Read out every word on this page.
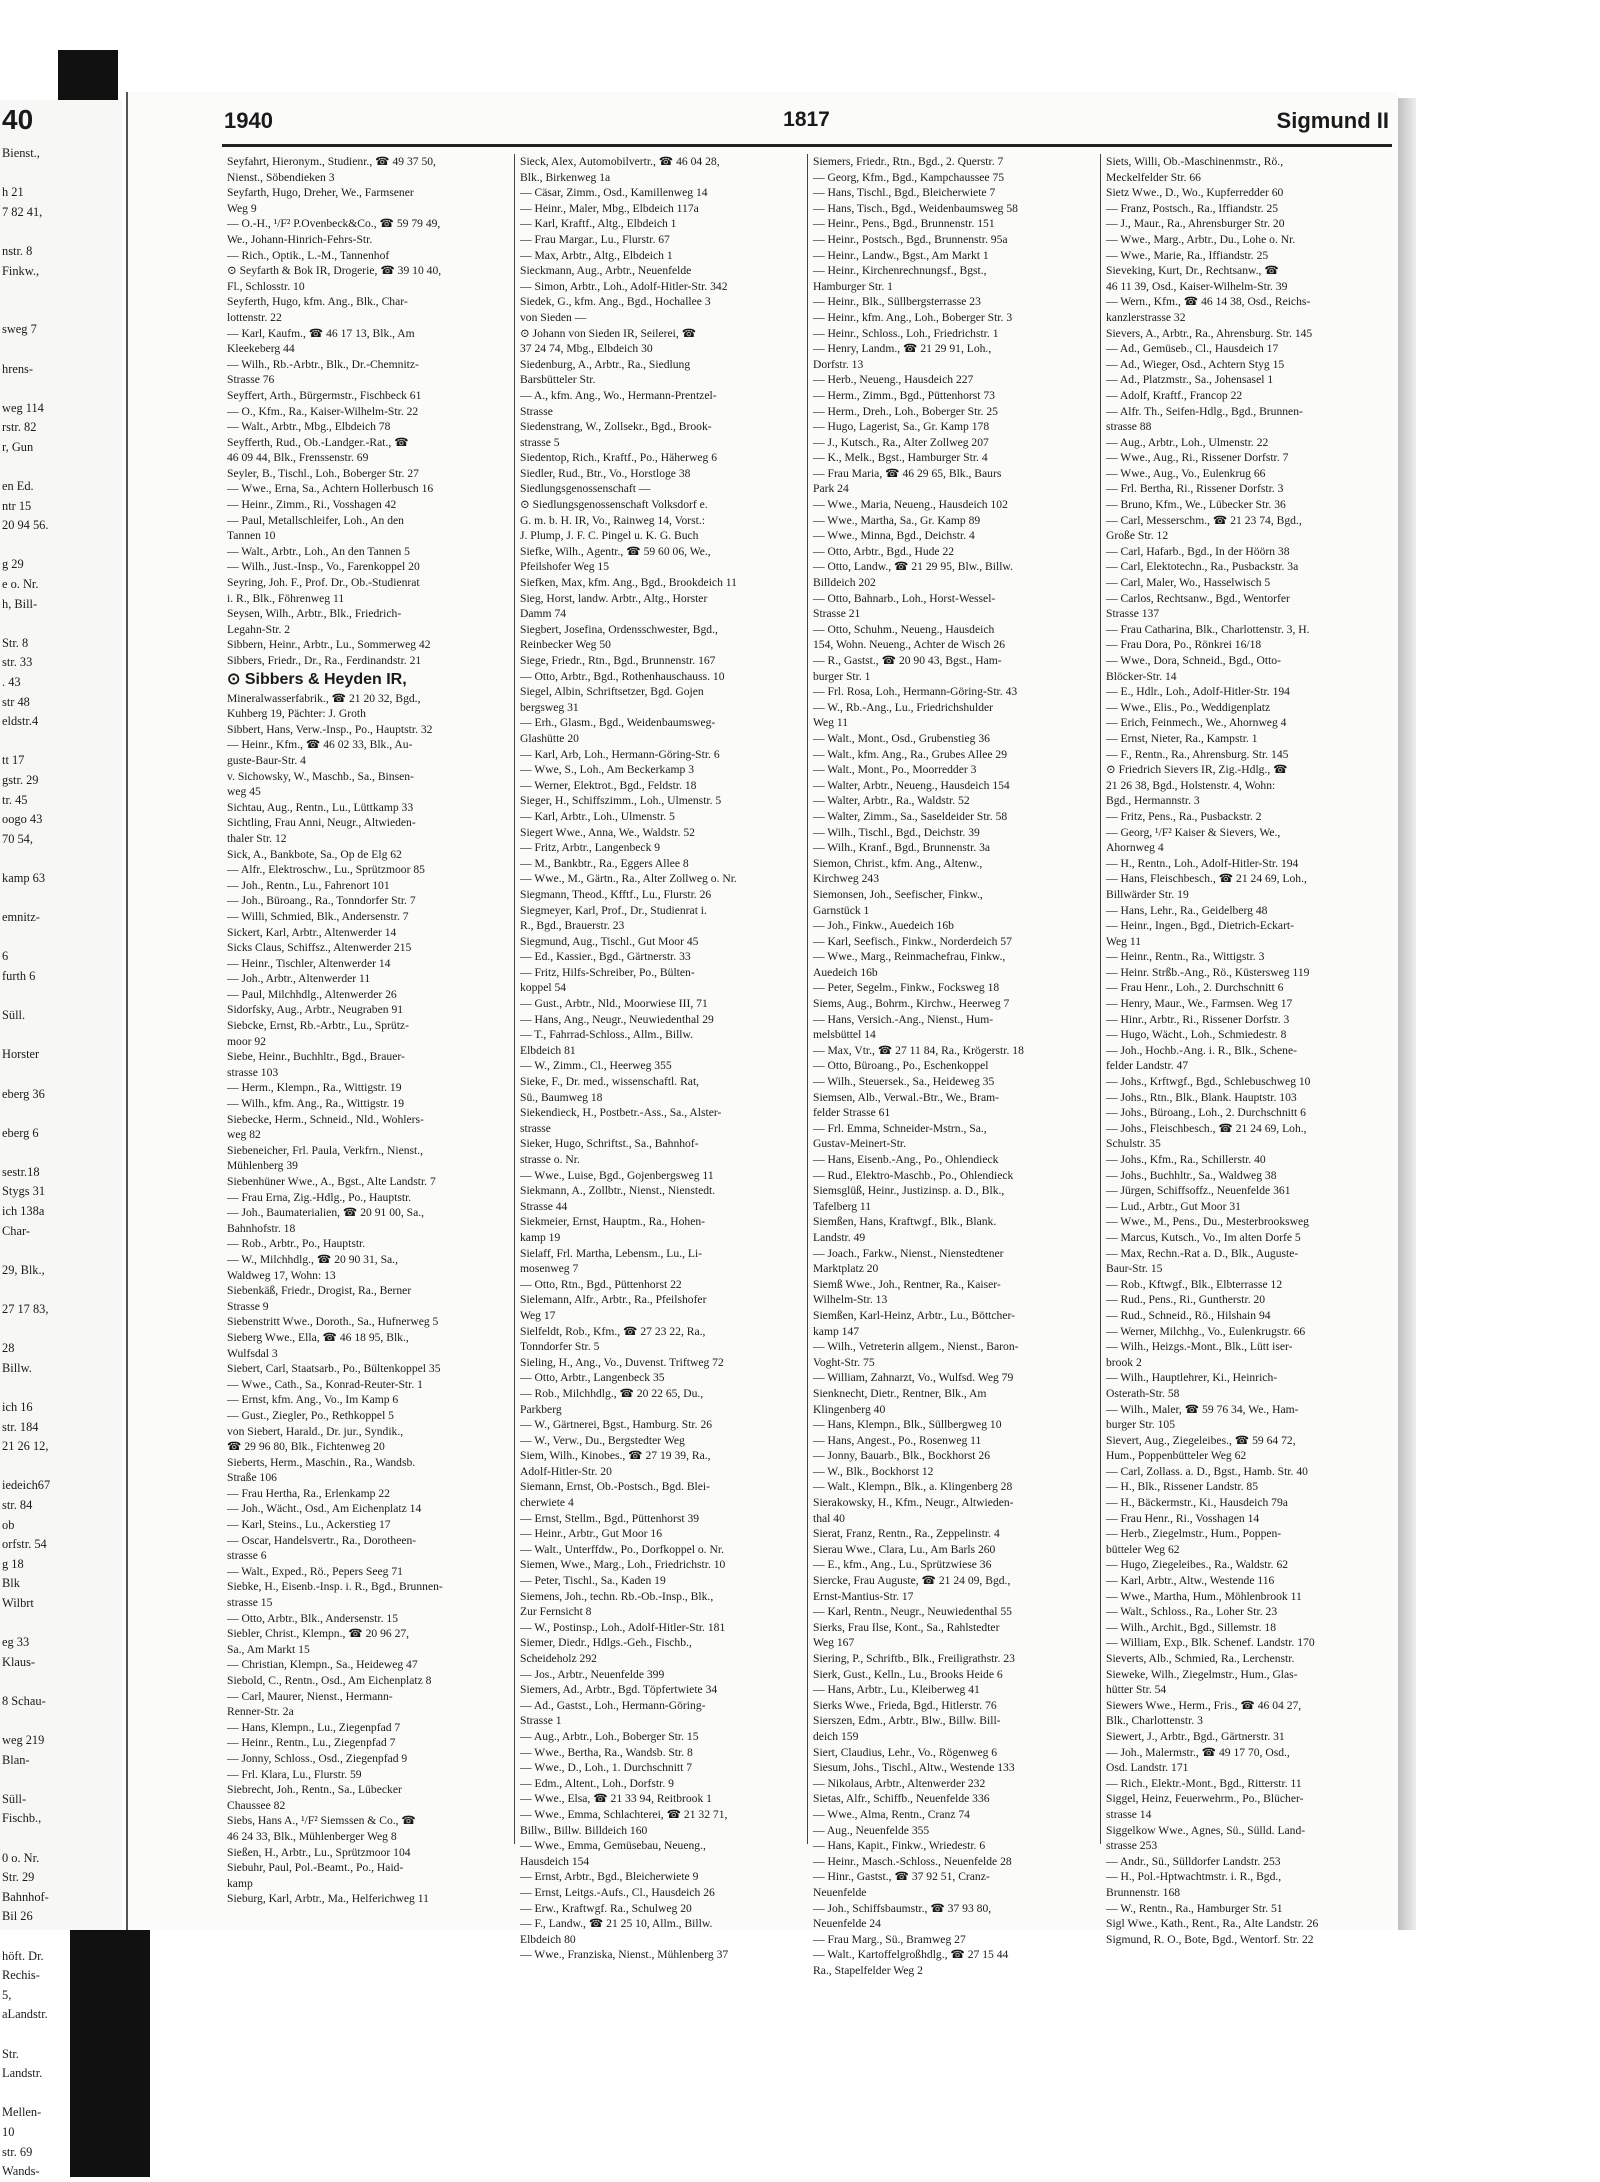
40
Bienst.,

h 21
7 82 41,

nstr. 8
Finkw.,

sweg 7

hrens-

weg 114
rstr. 82
r, Gun

en Ed.
ntr 15
20 94 56.

g 29
e o. Nr.
h, Bill-

Str. 8
str. 33
. 43
str 48
eldstr.4

tt 17
gstr. 29
tr. 45
oogo 43
70 54,

kamp 63

emnitz-

6
furth 6

Süll.

Horster

eberg 36

eberg 6

sestr.18
Stygs 31
ich 138a
Char-

29, Blk.,

27 17 83,

28
Billw.

ich 16
str. 184
21 26 12,

iedeich67
str. 84
ob
orfstr. 54
g 18
Blk
Wilbrt

eg 33
Klaus-

8 Schau-

weg 219
Blan-

Süll-
Fischb.,

0 o. Nr.
Str. 29
Bahnhof-
Bil 26

höft. Dr.
Rechis-
5,
aLandstr.

Str.
Landstr.

Mellen-
10
str. 69
Wands-
1940	1817	Sigmund II
Seyfahrt, Hieronym., Studienr., ☎ 49 37 50,
Nienst., Söbendieken 3
Seyfarth, Hugo, Dreher, We., Farmsener
Weg 9
— O.-H., ¹/F² P.Ovenbeck&Co., ☎ 59 79 49,
We., Johann-Hinrich-Fehrs-Str.
— Rich., Optik., L.-M., Tannenhof
⊙ Seyfarth & Bok IR, Drogerie, ☎ 39 10 40,
Fl., Schlosstr. 10
Seyferth, Hugo, kfm. Ang., Blk., Char-
lottenstr. 22
— Karl, Kaufm., ☎ 46 17 13, Blk., Am
Kleekeberg 44
— Wilh., Rb.-Arbtr., Blk., Dr.-Chemnitz-
Strasse 76
Seyffert, Arth., Bürgermstr., Fischbeck 61
— O., Kfm., Ra., Kaiser-Wilhelm-Str. 22
— Walt., Arbtr., Mbg., Elbdeich 78
Seyfferth, Rud., Ob.-Landger.-Rat., ☎
46 09 44, Blk., Frenssenstr. 69
Seyler, B., Tischl., Loh., Boberger Str. 27
— Wwe., Erna, Sa., Achtern Hollerbusch 16
— Heinr., Zimm., Ri., Vosshagen 42
— Paul, Metallschleifer, Loh., An den
Tannen 10
— Walt., Arbtr., Loh., An den Tannen 5
— Wilh., Just.-Insp., Vo., Farenkoppel 20
Seyring, Joh. F., Prof. Dr., Ob.-Studienrat
i. R., Blk., Föhrenweg 11
Seysen, Wilh., Arbtr., Blk., Friedrich-
Legahn-Str. 2
Sibbern, Heinr., Arbtr., Lu., Sommerweg 42
Sibbers, Friedr., Dr., Ra., Ferdinandstr. 21
⊙ Sibbers & Heyden IR,
Mineralwasserfabrik., ☎ 21 20 32, Bgd.,
Kuhberg 19, Pächter: J. Groth
Sibbert, Hans, Verw.-Insp., Po., Hauptstr. 32
— Heinr., Kfm., ☎ 46 02 33, Blk., Au-
guste-Baur-Str. 4
v. Sichowsky, W., Maschb., Sa., Binsen-
weg 45
Sichtau, Aug., Rentn., Lu., Lüttkamp 33
Sichtling, Frau Anni, Neugr., Altwieden-
thaler Str. 12
Sick, A., Bankbote, Sa., Op de Elg 62
— Alfr., Elektroschw., Lu., Sprützmoor 85
— Joh., Rentn., Lu., Fahrenort 101
— Joh., Büroang., Ra., Tonndorfer Str. 7
— Willi, Schmied, Blk., Andersenstr. 7
Sickert, Karl, Arbtr., Altenwerder 14
Sicks Claus, Schiffsz., Altenwerder 215
— Heinr., Tischler, Altenwerder 14
— Joh., Arbtr., Altenwerder 11
— Paul, Milchhdlg., Altenwerder 26
Sidorfsky, Aug., Arbtr., Neugraben 91
Siebcke, Ernst, Rb.-Arbtr., Lu., Sprütz-
moor 92
Siebe, Heinr., Buchhltr., Bgd., Brauer-
strasse 103
— Herm., Klempn., Ra., Wittigstr. 19
— Wilh., kfm. Ang., Ra., Wittigstr. 19
Siebecke, Herm., Schneid., Nld., Wohlers-
weg 82
Siebeneicher, Frl. Paula, Verkfrn., Nienst.,
Mühlenberg 39
Siebenhüner Wwe., A., Bgst., Alte Landstr. 7
— Frau Erna, Zig.-Hdlg., Po., Hauptstr.
— Joh., Baumaterialien, ☎ 20 91 00, Sa.,
Bahnhofstr. 18
— Rob., Arbtr., Po., Hauptstr.
— W., Milchhdlg., ☎ 20 90 31, Sa.,
Waldweg 17, Wohn: 13
Siebenkäß, Friedr., Drogist, Ra., Berner
Strasse 9
Siebenstritt Wwe., Doroth., Sa., Hufnerweg 5
Sieberg Wwe., Ella, ☎ 46 18 95, Blk.,
Wulfsdal 3
Siebert, Carl, Staatsarb., Po., Bültenkoppel 35
— Wwe., Cath., Sa., Konrad-Reuter-Str. 1
— Ernst, kfm. Ang., Vo., Im Kamp 6
— Gust., Ziegler, Po., Rethkoppel 5
von Siebert, Harald., Dr. jur., Syndik.,
☎ 29 96 80, Blk., Fichtenweg 20
Sieberts, Herm., Maschin., Ra., Wandsb.
Straße 106
— Frau Hertha, Ra., Erlenkamp 22
— Joh., Wächt., Osd., Am Eichenplatz 14
— Karl, Steins., Lu., Ackerstieg 17
— Oscar, Handelsvertr., Ra., Dorotheen-
strasse 6
— Walt., Exped., Rö., Pepers Seeg 71
Siebke, H., Eisenb.-Insp. i. R., Bgd., Brunnen-
strasse 15
— Otto, Arbtr., Blk., Andersenstr. 15
Siebler, Christ., Klempn., ☎ 20 96 27,
Sa., Am Markt 15
— Christian, Klempn., Sa., Heideweg 47
Siebold, C., Rentn., Osd., Am Eichenplatz 8
— Carl, Maurer, Nienst., Hermann-
Renner-Str. 2a
— Hans, Klempn., Lu., Ziegenpfad 7
— Heinr., Rentn., Lu., Ziegenpfad 7
— Jonny, Schloss., Osd., Ziegenpfad 9
— Frl. Klara, Lu., Flurstr. 59
Siebrecht, Joh., Rentn., Sa., Lübecker
Chaussee 82
Siebs, Hans A., ¹/F² Siemssen & Co., ☎
46 24 33, Blk., Mühlenberger Weg 8
Sießen, H., Arbtr., Lu., Sprützmoor 104
Siebuhr, Paul, Pol.-Beamt., Po., Haid-
kamp
Sieburg, Karl, Arbtr., Ma., Helferichweg 11
Sieck, Alex, Automobilvertr., ☎ 46 04 28,
Blk., Birkenweg 1a
— Cäsar, Zimm., Osd., Kamillenweg 14
— Heinr., Maler, Mbg., Elbdeich 117a
— Karl, Kraftf., Altg., Elbdeich 1
— Frau Margar., Lu., Flurstr. 67
— Max, Arbtr., Altg., Elbdeich 1
Sieckmann, Aug., Arbtr., Neuenfelde
— Simon, Arbtr., Loh., Adolf-Hitler-Str. 342
Siedek, G., kfm. Ang., Bgd., Hochallee 3
von Sieden —
⊙ Johann von Sieden IR, Seilerei, ☎
37 24 74, Mbg., Elbdeich 30
Siedenburg, A., Arbtr., Ra., Siedlung
Barsbütteler Str.
— A., kfm. Ang., Wo., Hermann-Prentzel-
Strasse
Siedenstrang, W., Zollsekr., Bgd., Brook-
strasse 5
Siedentop, Rich., Kraftf., Po., Häherweg 6
Siedler, Rud., Btr., Vo., Horstloge 38
Siedlungsgenossenschaft —
⊙ Siedlungsgenossenschaft Volksdorf e.
G. m. b. H. IR, Vo., Rainweg 14, Vorst.:
J. Plump, J. F. C. Pingel u. K. G. Buch
Siefke, Wilh., Agentr., ☎ 59 60 06, We.,
Pfeilshofer Weg 15
Siefken, Max, kfm. Ang., Bgd., Brookdeich 11
Sieg, Horst, landw. Arbtr., Altg., Horster
Damm 74
Siegbert, Josefina, Ordensschwester, Bgd.,
Reinbecker Weg 50
Siege, Friedr., Rtn., Bgd., Brunnenstr. 167
— Otto, Arbtr., Bgd., Rothenhauschauss. 10
Siegel, Albin, Schriftsetzer, Bgd. Gojen
bergsweg 31
— Erh., Glasm., Bgd., Weidenbaumsweg-
Glashütte 20
— Karl, Arb, Loh., Hermann-Göring-Str. 6
— Wwe, S., Loh., Am Beckerkamp 3
— Werner, Elektrot., Bgd., Feldstr. 18
Sieger, H., Schiffszimm., Loh., Ulmenstr. 5
— Karl, Arbtr., Loh., Ulmenstr. 5
Siegert Wwe., Anna, We., Waldstr. 52
— Fritz, Arbtr., Langenbeck 9
— M., Bankbtr., Ra., Eggers Allee 8
— Wwe., M., Gärtn., Ra., Alter Zollweg o. Nr.
Siegmann, Theod., Kfftf., Lu., Flurstr. 26
Siegmeyer, Karl, Prof., Dr., Studienrat i.
R., Bgd., Brauerstr. 23
Siegmund, Aug., Tischl., Gut Moor 45
— Ed., Kassier., Bgd., Gärtnerstr. 33
— Fritz, Hilfs-Schreiber, Po., Bülten-
koppel 54
— Gust., Arbtr., Nld., Moorwiese III, 71
— Hans, Ang., Neugr., Neuwiedenthal 29
— T., Fahrrad-Schloss., Allm., Billw.
Elbdeich 81
— W., Zimm., Cl., Heerweg 355
Sieke, F., Dr. med., wissenschaftl. Rat,
Sü., Baumweg 18
Siekendieck, H., Postbetr.-Ass., Sa., Alster-
strasse
Sieker, Hugo, Schriftst., Sa., Bahnhof-
strasse o. Nr.
— Wwe., Luise, Bgd., Gojenbergsweg 11
Siekmann, A., Zollbtr., Nienst., Nienstedt.
Strasse 44
Siekmeier, Ernst, Hauptm., Ra., Hohen-
kamp 19
Sielaff, Frl. Martha, Lebensm., Lu., Li-
mosenweg 7
— Otto, Rtn., Bgd., Püttenhorst 22
Sielemann, Alfr., Arbtr., Ra., Pfeilshofer
Weg 17
Sielfeldt, Rob., Kfm., ☎ 27 23 22, Ra.,
Tonndorfer Str. 5
Sieling, H., Ang., Vo., Duvenst. Triftweg 72
— Otto, Arbtr., Langenbeck 35
— Rob., Milchhdlg., ☎ 20 22 65, Du.,
Parkberg
— W., Gärtnerei, Bgst., Hamburg. Str. 26
— W., Verw., Du., Bergstedter Weg
Siem, Wilh., Kinobes., ☎ 27 19 39, Ra.,
Adolf-Hitler-Str. 20
Siemann, Ernst, Ob.-Postsch., Bgd. Blei-
cherwiete 4
— Ernst, Stellm., Bgd., Püttenhorst 39
— Heinr., Arbtr., Gut Moor 16
— Walt., Unterffdw., Po., Dorfkoppel o. Nr.
Siemen, Wwe., Marg., Loh., Friedrichstr. 10
— Peter, Tischl., Sa., Kaden 19
Siemens, Joh., techn. Rb.-Ob.-Insp., Blk.,
Zur Fernsicht 8
— W., Postinsp., Loh., Adolf-Hitler-Str. 181
Siemer, Diedr., Hdlgs.-Geh., Fischb.,
Scheideholz 292
— Jos., Arbtr., Neuenfelde 399
Siemers, Ad., Arbtr., Bgd. Töpfertwiete 34
— Ad., Gastst., Loh., Hermann-Göring-
Strasse 1
— Aug., Arbtr., Loh., Boberger Str. 15
— Wwe., Bertha, Ra., Wandsb. Str. 8
— Wwe., D., Loh., 1. Durchschnitt 7
— Edm., Altent., Loh., Dorfstr. 9
— Wwe., Elsa, ☎ 21 33 94, Reitbrook 1
— Wwe., Emma, Schlachterei, ☎ 21 32 71,
Billw., Billw. Billdeich 160
— Wwe., Emma, Gemüsebau, Neueng.,
Hausdeich 154
— Ernst, Arbtr., Bgd., Bleicherwiete 9
— Ernst, Leitgs.-Aufs., Cl., Hausdeich 26
— Erw., Kraftwgf. Ra., Schulweg 20
— F., Landw., ☎ 21 25 10, Allm., Billw.
Elbdeich 80
— Wwe., Franziska, Nienst., Mühlenberg 37
Siemers, Friedr., Rtn., Bgd., 2. Querstr. 7
— Georg, Kfm., Bgd., Kampchaussee 75
— Hans, Tischl., Bgd., Bleicherwiete 7
— Hans, Tisch., Bgd., Weidenbaumsweg 58
— Heinr., Pens., Bgd., Brunnenstr. 151
— Heinr., Postsch., Bgd., Brunnenstr. 95a
— Heinr., Landw., Bgst., Am Markt 1
— Heinr., Kirchenrechnungsf., Bgst.,
Hamburger Str. 1
— Heinr., Blk., Süllbergsterrasse 23
— Heinr., kfm. Ang., Loh., Boberger Str. 3
— Heinr., Schloss., Loh., Friedrichstr. 1
— Henry, Landm., ☎ 21 29 91, Loh.,
Dorfstr. 13
— Herb., Neueng., Hausdeich 227
— Herm., Zimm., Bgd., Püttenhorst 73
— Herm., Dreh., Loh., Boberger Str. 25
— Hugo, Lagerist, Sa., Gr. Kamp 178
— J., Kutsch., Ra., Alter Zollweg 207
— K., Melk., Bgst., Hamburger Str. 4
— Frau Maria, ☎ 46 29 65, Blk., Baurs
Park 24
— Wwe., Maria, Neueng., Hausdeich 102
— Wwe., Martha, Sa., Gr. Kamp 89
— Wwe., Minna, Bgd., Deichstr. 4
— Otto, Arbtr., Bgd., Hude 22
— Otto, Landw., ☎ 21 29 95, Blw., Billw.
Billdeich 202
— Otto, Bahnarb., Loh., Horst-Wessel-
Strasse 21
— Otto, Schuhm., Neueng., Hausdeich
154, Wohn. Neueng., Achter de Wisch 26
— R., Gastst., ☎ 20 90 43, Bgst., Ham-
burger Str. 1
— Frl. Rosa, Loh., Hermann-Göring-Str. 43
— W., Rb.-Ang., Lu., Friedrichshulder
Weg 11
— Walt., Mont., Osd., Grubenstieg 36
— Walt., kfm. Ang., Ra., Grubes Allee 29
— Walt., Mont., Po., Moorredder 3
— Walter, Arbtr., Neueng., Hausdeich 154
— Walter, Arbtr., Ra., Waldstr. 52
— Walter, Zimm., Sa., Saseldeider Str. 58
— Wilh., Tischl., Bgd., Deichstr. 39
— Wilh., Kranf., Bgd., Brunnenstr. 3a
Siemon, Christ., kfm. Ang., Altenw.,
Kirchweg 243
Siemonsen, Joh., Seefischer, Finkw.,
Garnstück 1
— Joh., Finkw., Auedeich 16b
— Karl, Seefisch., Finkw., Norderdeich 57
— Wwe., Marg., Reinmachefrau, Finkw.,
Auedeich 16b
— Peter, Segelm., Finkw., Focksweg 18
Siems, Aug., Bohrm., Kirchw., Heerweg 7
— Hans, Versich.-Ang., Nienst., Hum-
melsbüttel 14
— Max, Vtr., ☎ 27 11 84, Ra., Krögerstr. 18
— Otto, Büroang., Po., Eschenkoppel
— Wilh., Steuersek., Sa., Heideweg 35
Siemsen, Alb., Verwal.-Btr., We., Bram-
felder Strasse 61
— Frl. Emma, Schneider-Mstrn., Sa.,
Gustav-Meinert-Str.
— Hans, Eisenb.-Ang., Po., Ohlendieck
— Rud., Elektro-Maschb., Po., Ohlendieck
Siemsglüß, Heinr., Justizinsp. a. D., Blk.,
Tafelberg 11
Siemßen, Hans, Kraftwgf., Blk., Blank.
Landstr. 49
— Joach., Farkw., Nienst., Nienstedtener
Marktplatz 20
Siemß Wwe., Joh., Rentner, Ra., Kaiser-
Wilhelm-Str. 13
Siemßen, Karl-Heinz, Arbtr., Lu., Böttcher-
kamp 147
— Wilh., Vetreterin allgem., Nienst., Baron-
Voght-Str. 75
— William, Zahnarzt, Vo., Wulfsd. Weg 79
Sienknecht, Dietr., Rentner, Blk., Am
Klingenberg 40
— Hans, Klempn., Blk., Süllbergweg 10
— Hans, Angest., Po., Rosenweg 11
— Jonny, Bauarb., Blk., Bockhorst 26
— W., Blk., Bockhorst 12
— Walt., Klempn., Blk., a. Klingenberg 28
Sierakowsky, H., Kfm., Neugr., Altwieden-
thal 40
Sierat, Franz, Rentn., Ra., Zeppelinstr. 4
Sierau Wwe., Clara, Lu., Am Barls 260
— E., kfm., Ang., Lu., Sprützwiese 36
Siercke, Frau Auguste, ☎ 21 24 09, Bgd.,
Ernst-Mantius-Str. 17
— Karl, Rentn., Neugr., Neuwiedenthal 55
Sierks, Frau Ilse, Kont., Sa., Rahlstedter
Weg 167
Siering, P., Schriftb., Blk., Freiligrathstr. 23
Sierk, Gust., Kelln., Lu., Brooks Heide 6
— Hans, Arbtr., Lu., Kleiberweg 41
Sierks Wwe., Frieda, Bgd., Hitlerstr. 76
Sierszen, Edm., Arbtr., Blw., Billw. Bill-
deich 159
Siert, Claudius, Lehr., Vo., Rögenweg 6
Siesum, Johs., Tischl., Altw., Westende 133
— Nikolaus, Arbtr., Altenwerder 232
Sietas, Alfr., Schiffb., Neuenfelde 336
— Wwe., Alma, Rentn., Cranz 74
— Aug., Neuenfelde 355
— Hans, Kapit., Finkw., Wriedestr. 6
— Heinr., Masch.-Schloss., Neuenfelde 28
— Hinr., Gastst., ☎ 37 92 51, Cranz-
Neuenfelde
— Joh., Schiffsbaumstr., ☎ 37 93 80,
Neuenfelde 24
— Frau Marg., Sü., Bramweg 27
— Walt., Kartoffelgroßhdlg., ☎ 27 15 44
Ra., Stapelfelder Weg 2
Siets, Willi, Ob.-Maschinenmstr., Rö.,
Meckelfelder Str. 66
Sietz Wwe., D., Wo., Kupferredder 60
— Franz, Postsch., Ra., Iffiandstr. 25
— J., Maur., Ra., Ahrensburger Str. 20
— Wwe., Marg., Arbtr., Du., Lohe o. Nr.
— Wwe., Marie, Ra., Iffiandstr. 25
Sieveking, Kurt, Dr., Rechtsanw., ☎
46 11 39, Osd., Kaiser-Wilhelm-Str. 39
— Wern., Kfm., ☎ 46 14 38, Osd., Reichs-
kanzlerstrasse 32
Sievers, A., Arbtr., Ra., Ahrensburg. Str. 145
— Ad., Gemüseb., Cl., Hausdeich 17
— Ad., Wieger, Osd., Achtern Styg 15
— Ad., Platzmstr., Sa., Johensasel 1
— Adolf, Kraftf., Francop 22
— Alfr. Th., Seifen-Hdlg., Bgd., Brunnen-
strasse 88
— Aug., Arbtr., Loh., Ulmenstr. 22
— Wwe., Aug., Ri., Rissener Dorfstr. 7
— Wwe., Aug., Vo., Eulenkrug 66
— Frl. Bertha, Ri., Rissener Dorfstr. 3
— Bruno, Kfm., We., Lübecker Str. 36
— Carl, Messerschm., ☎ 21 23 74, Bgd.,
Große Str. 12
— Carl, Hafarb., Bgd., In der Höörn 38
— Carl, Elektotechn., Ra., Pusbackstr. 3a
— Carl, Maler, Wo., Hasselwisch 5
— Carlos, Rechtsanw., Bgd., Wentorfer
Strasse 137
— Frau Catharina, Blk., Charlottenstr. 3, H.
— Frau Dora, Po., Rönkrei 16/18
— Wwe., Dora, Schneid., Bgd., Otto-
Blöcker-Str. 14
— E., Hdlr., Loh., Adolf-Hitler-Str. 194
— Wwe., Elis., Po., Weddigenplatz
— Erich, Feinmech., We., Ahornweg 4
— Ernst, Nieter, Ra., Kampstr. 1
— F., Rentn., Ra., Ahrensburg. Str. 145
⊙ Friedrich Sievers IR, Zig.-Hdlg., ☎
21 26 38, Bgd., Holstenstr. 4, Wohn:
Bgd., Hermannstr. 3
— Fritz, Pens., Ra., Pusbackstr. 2
— Georg, ¹/F² Kaiser & Sievers, We.,
Ahornweg 4
— H., Rentn., Loh., Adolf-Hitler-Str. 194
— Hans, Fleischbesch., ☎ 21 24 69, Loh.,
Billwärder Str. 19
— Hans, Lehr., Ra., Geidelberg 48
— Heinr., Ingen., Bgd., Dietrich-Eckart-
Weg 11
— Heinr., Rentn., Ra., Wittigstr. 3
— Heinr. Strßb.-Ang., Rö., Küstersweg 119
— Frau Henr., Loh., 2. Durchschnitt 6
— Henry, Maur., We., Farmsen. Weg 17
— Hinr., Arbtr., Ri., Rissener Dorfstr. 3
— Hugo, Wächt., Loh., Schmiedestr. 8
— Joh., Hochb.-Ang. i. R., Blk., Schene-
felder Landstr. 47
— Johs., Krftwgf., Bgd., Schlebuschweg 10
— Johs., Rtn., Blk., Blank. Hauptstr. 103
— Johs., Büroang., Loh., 2. Durchschnitt 6
— Johs., Fleischbesch., ☎ 21 24 69, Loh.,
Schulstr. 35
— Johs., Kfm., Ra., Schillerstr. 40
— Johs., Buchhltr., Sa., Waldweg 38
— Jürgen, Schiffsoffz., Neuenfelde 361
— Lud., Arbtr., Gut Moor 31
— Wwe., M., Pens., Du., Mesterbrooksweg
— Marcus, Kutsch., Vo., Im alten Dorfe 5
— Max, Rechn.-Rat a. D., Blk., Auguste-
Baur-Str. 15
— Rob., Kftwgf., Blk., Elbterrasse 12
— Rud., Pens., Ri., Guntherstr. 20
— Rud., Schneid., Rö., Hilshain 94
— Werner, Milchhg., Vo., Eulenkrugstr. 66
— Wilh., Heizgs.-Mont., Blk., Lütt iser-
brook 2
— Wilh., Hauptlehrer, Ki., Heinrich-
Osterath-Str. 58
— Wilh., Maler, ☎ 59 76 34, We., Ham-
burger Str. 105
Sievert, Aug., Ziegeleibes., ☎ 59 64 72,
Hum., Poppenbütteler Weg 62
— Carl, Zollass. a. D., Bgst., Hamb. Str. 40
— H., Blk., Rissener Landstr. 85
— H., Bäckermstr., Ki., Hausdeich 79a
— Frau Henr., Ri., Vosshagen 14
— Herb., Ziegelmstr., Hum., Poppen-
bütteler Weg 62
— Hugo, Ziegeleibes., Ra., Waldstr. 62
— Karl, Arbtr., Altw., Westende 116
— Wwe., Martha, Hum., Möhlenbrook 11
— Walt., Schloss., Ra., Loher Str. 23
— Wilh., Archit., Bgd., Sillemstr. 18
— William, Exp., Blk. Schenef. Landstr. 170
Sieverts, Alb., Schmied, Ra., Lerchenstr.
Sieweke, Wilh., Ziegelmstr., Hum., Glas-
hütter Str. 54
Siewers Wwe., Herm., Fris., ☎ 46 04 27,
Blk., Charlottenstr. 3
Siewert, J., Arbtr., Bgd., Gärtnerstr. 31
— Joh., Malermstr., ☎ 49 17 70, Osd.,
Osd. Landstr. 171
— Rich., Elektr.-Mont., Bgd., Ritterstr. 11
Siggel, Heinz, Feuerwehrm., Po., Blücher-
strasse 14
Siggelkow Wwe., Agnes, Sü., Sülld. Land-
strasse 253
— Andr., Sü., Sülldorfer Landstr. 253
— H., Pol.-Hptwachtmstr. i. R., Bgd.,
Brunnenstr. 168
— W., Rentn., Ra., Hamburger Str. 51
Sigl Wwe., Kath., Rent., Ra., Alte Landstr. 26
Sigmund, R. O., Bote, Bgd., Wentorf. Str. 22
